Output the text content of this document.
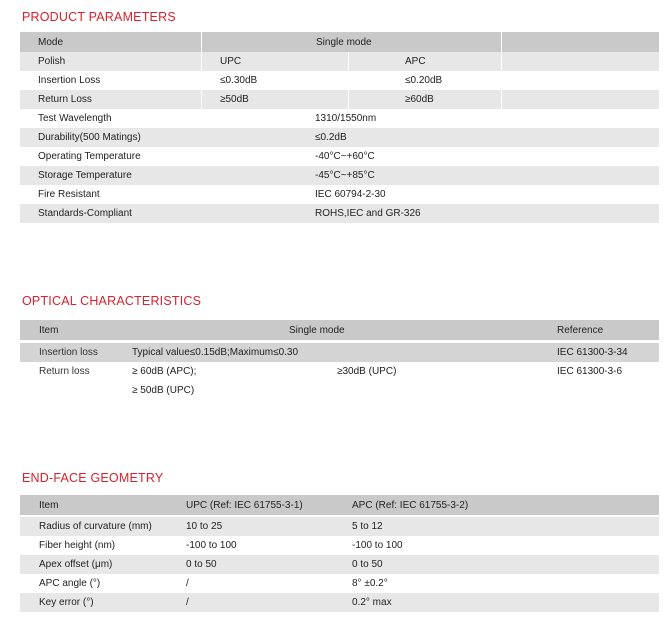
PRODUCT PARAMETERS
Mode	Single mode
Polish	UPC	APC
Insertion Loss	≤0.30dB	≤0.20dB
Return Loss	≥50dB	≥60dB
Test Wavelength	1310/1550nm
Durability(500 Matings)	≤0.2dB
Operating Temperature	-40°C~+60°C
Storage Temperature	-45°C~+85°C
Fire Resistant	IEC 60794-2-30
Standards-Compliant	ROHS,IEC and GR-326
OPTICAL CHARACTERISTICS
Item	Single mode	Reference
Insertion loss	Typical value≤0.15dB;Maximum≤0.30	IEC 61300-3-34
Return loss	≥ 60dB (APC);	≥30dB (UPC)	IEC 61300-3-6
≥ 50dB (UPC)
END-FACE GEOMETRY
Item	UPC (Ref: IEC 61755-3-1)	APC (Ref: IEC 61755-3-2)
Radius of curvature (mm)	10 to 25	5 to 12
Fiber height (nm)	-100 to 100	-100 to 100
Apex offset (μm)	0 to 50	0 to 50
APC angle (°)	/	8° ±0.2°
Key error (°)	/	0.2° max
